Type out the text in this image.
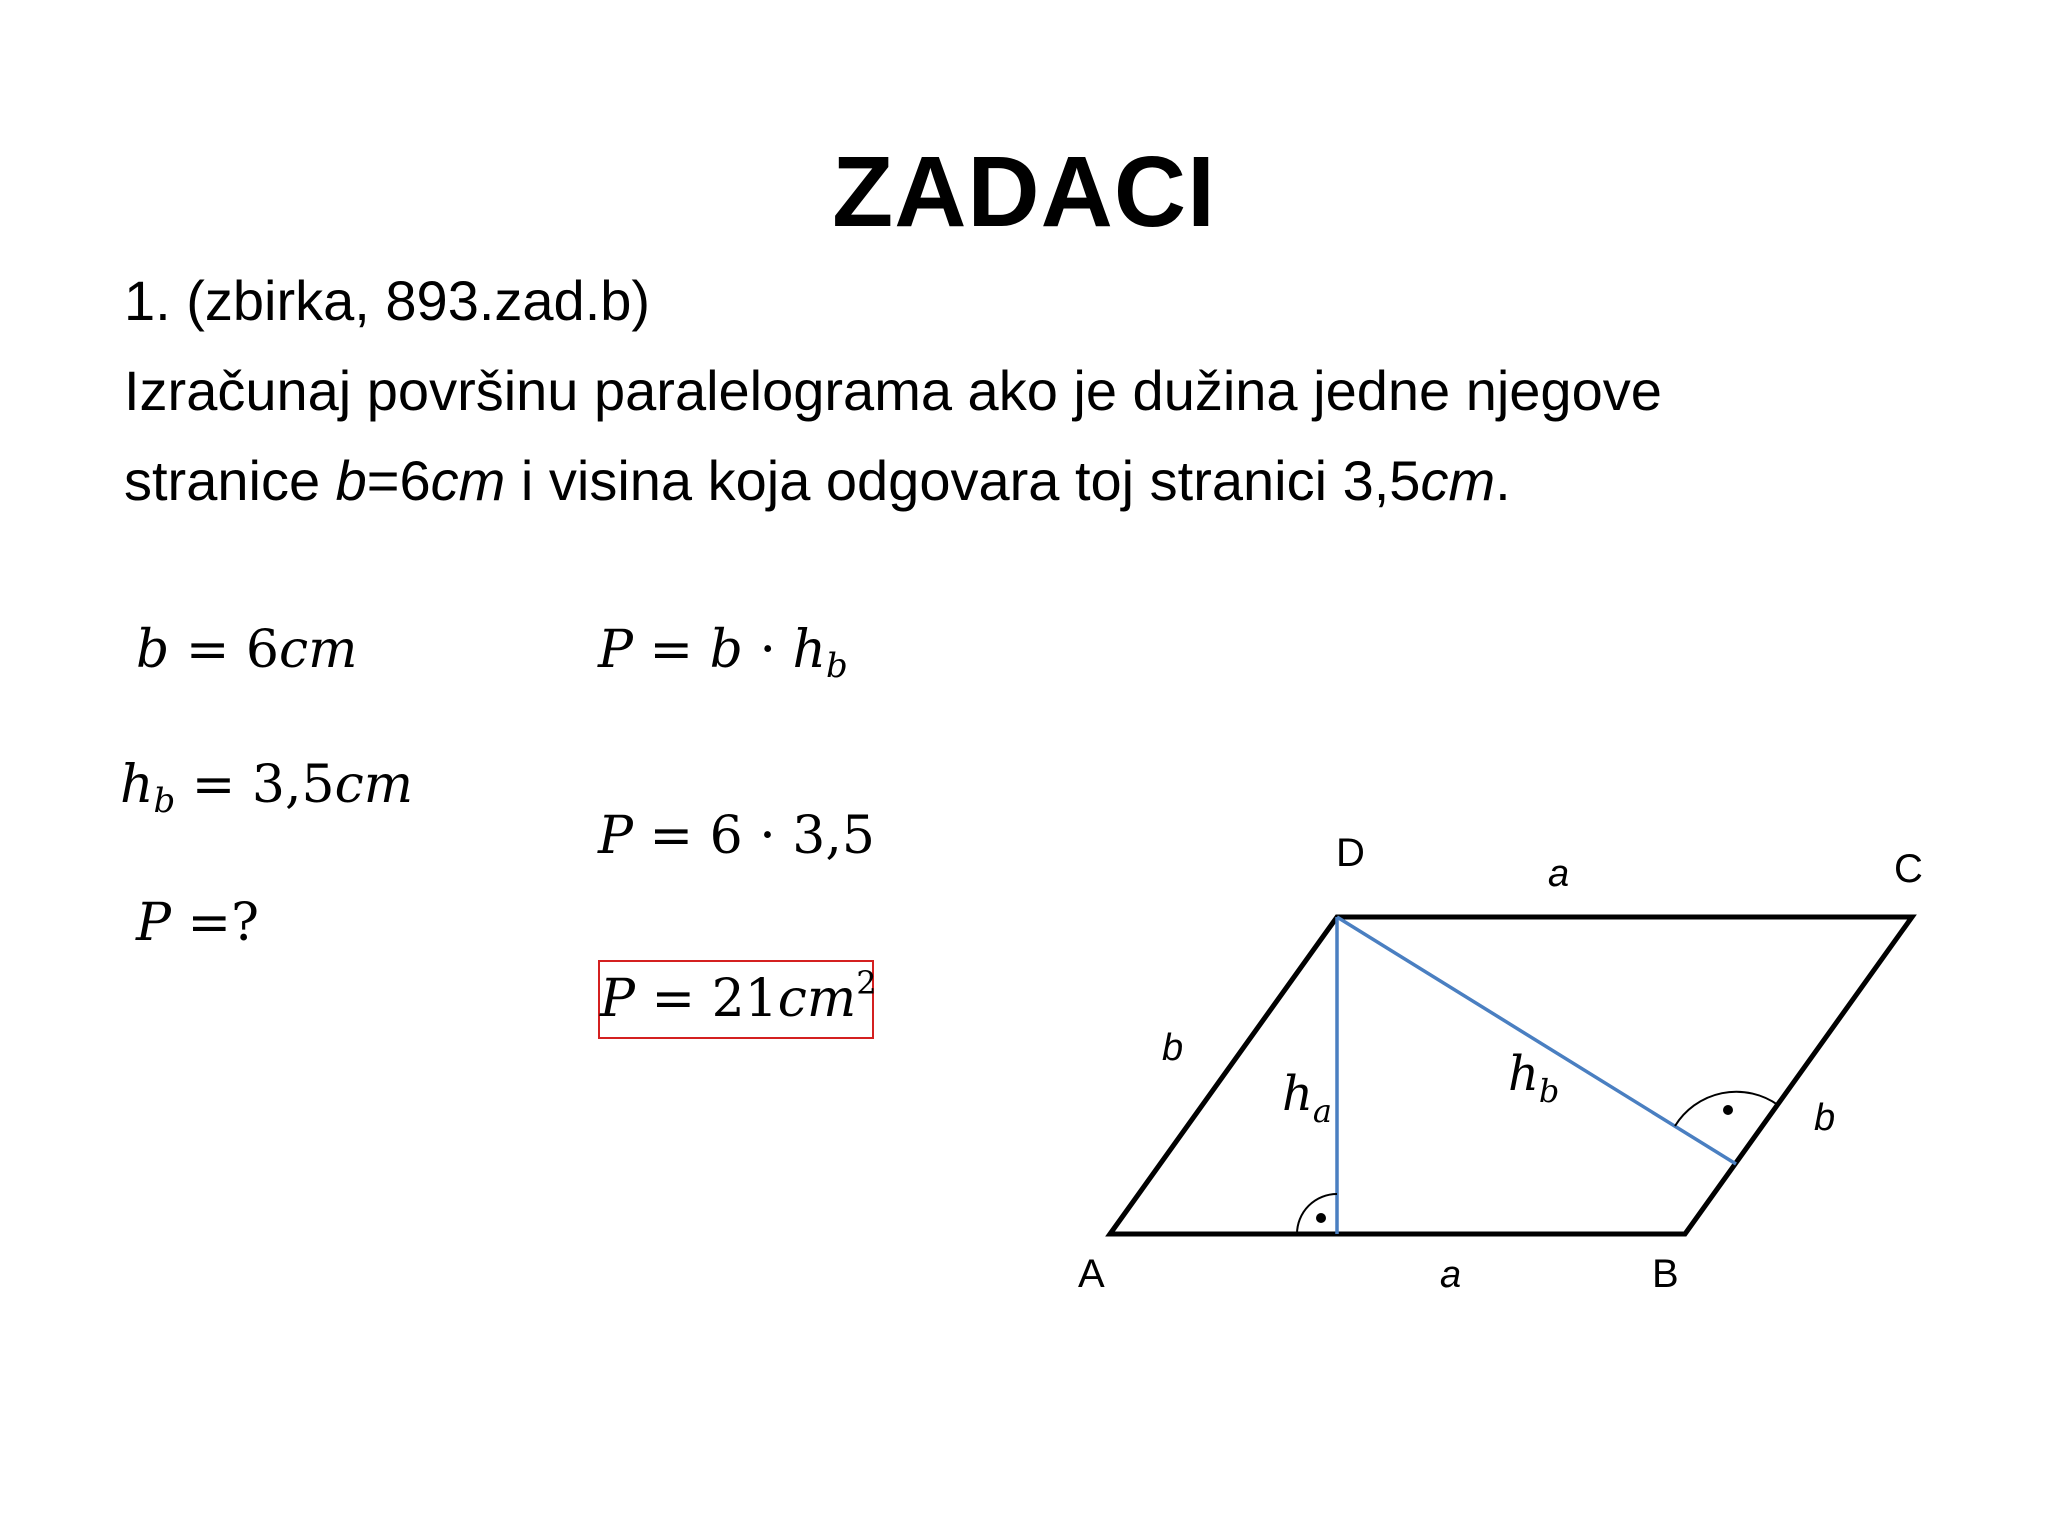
ZADACI
1. (zbirka, 893.zad.b)
Izračunaj površinu paralelograma ako je dužina jedne njegove
stranice b=6cm i visina koja odgovara toj stranici 3,5cm.
b = 6cm
$h_b = 3,5cm$
P =?
$P = b \cdot h_b$
P = 6 · 3,5
$P = 21cm^2$
A	B
C
D	a
a
b
b
$h_a$
$h_b$
